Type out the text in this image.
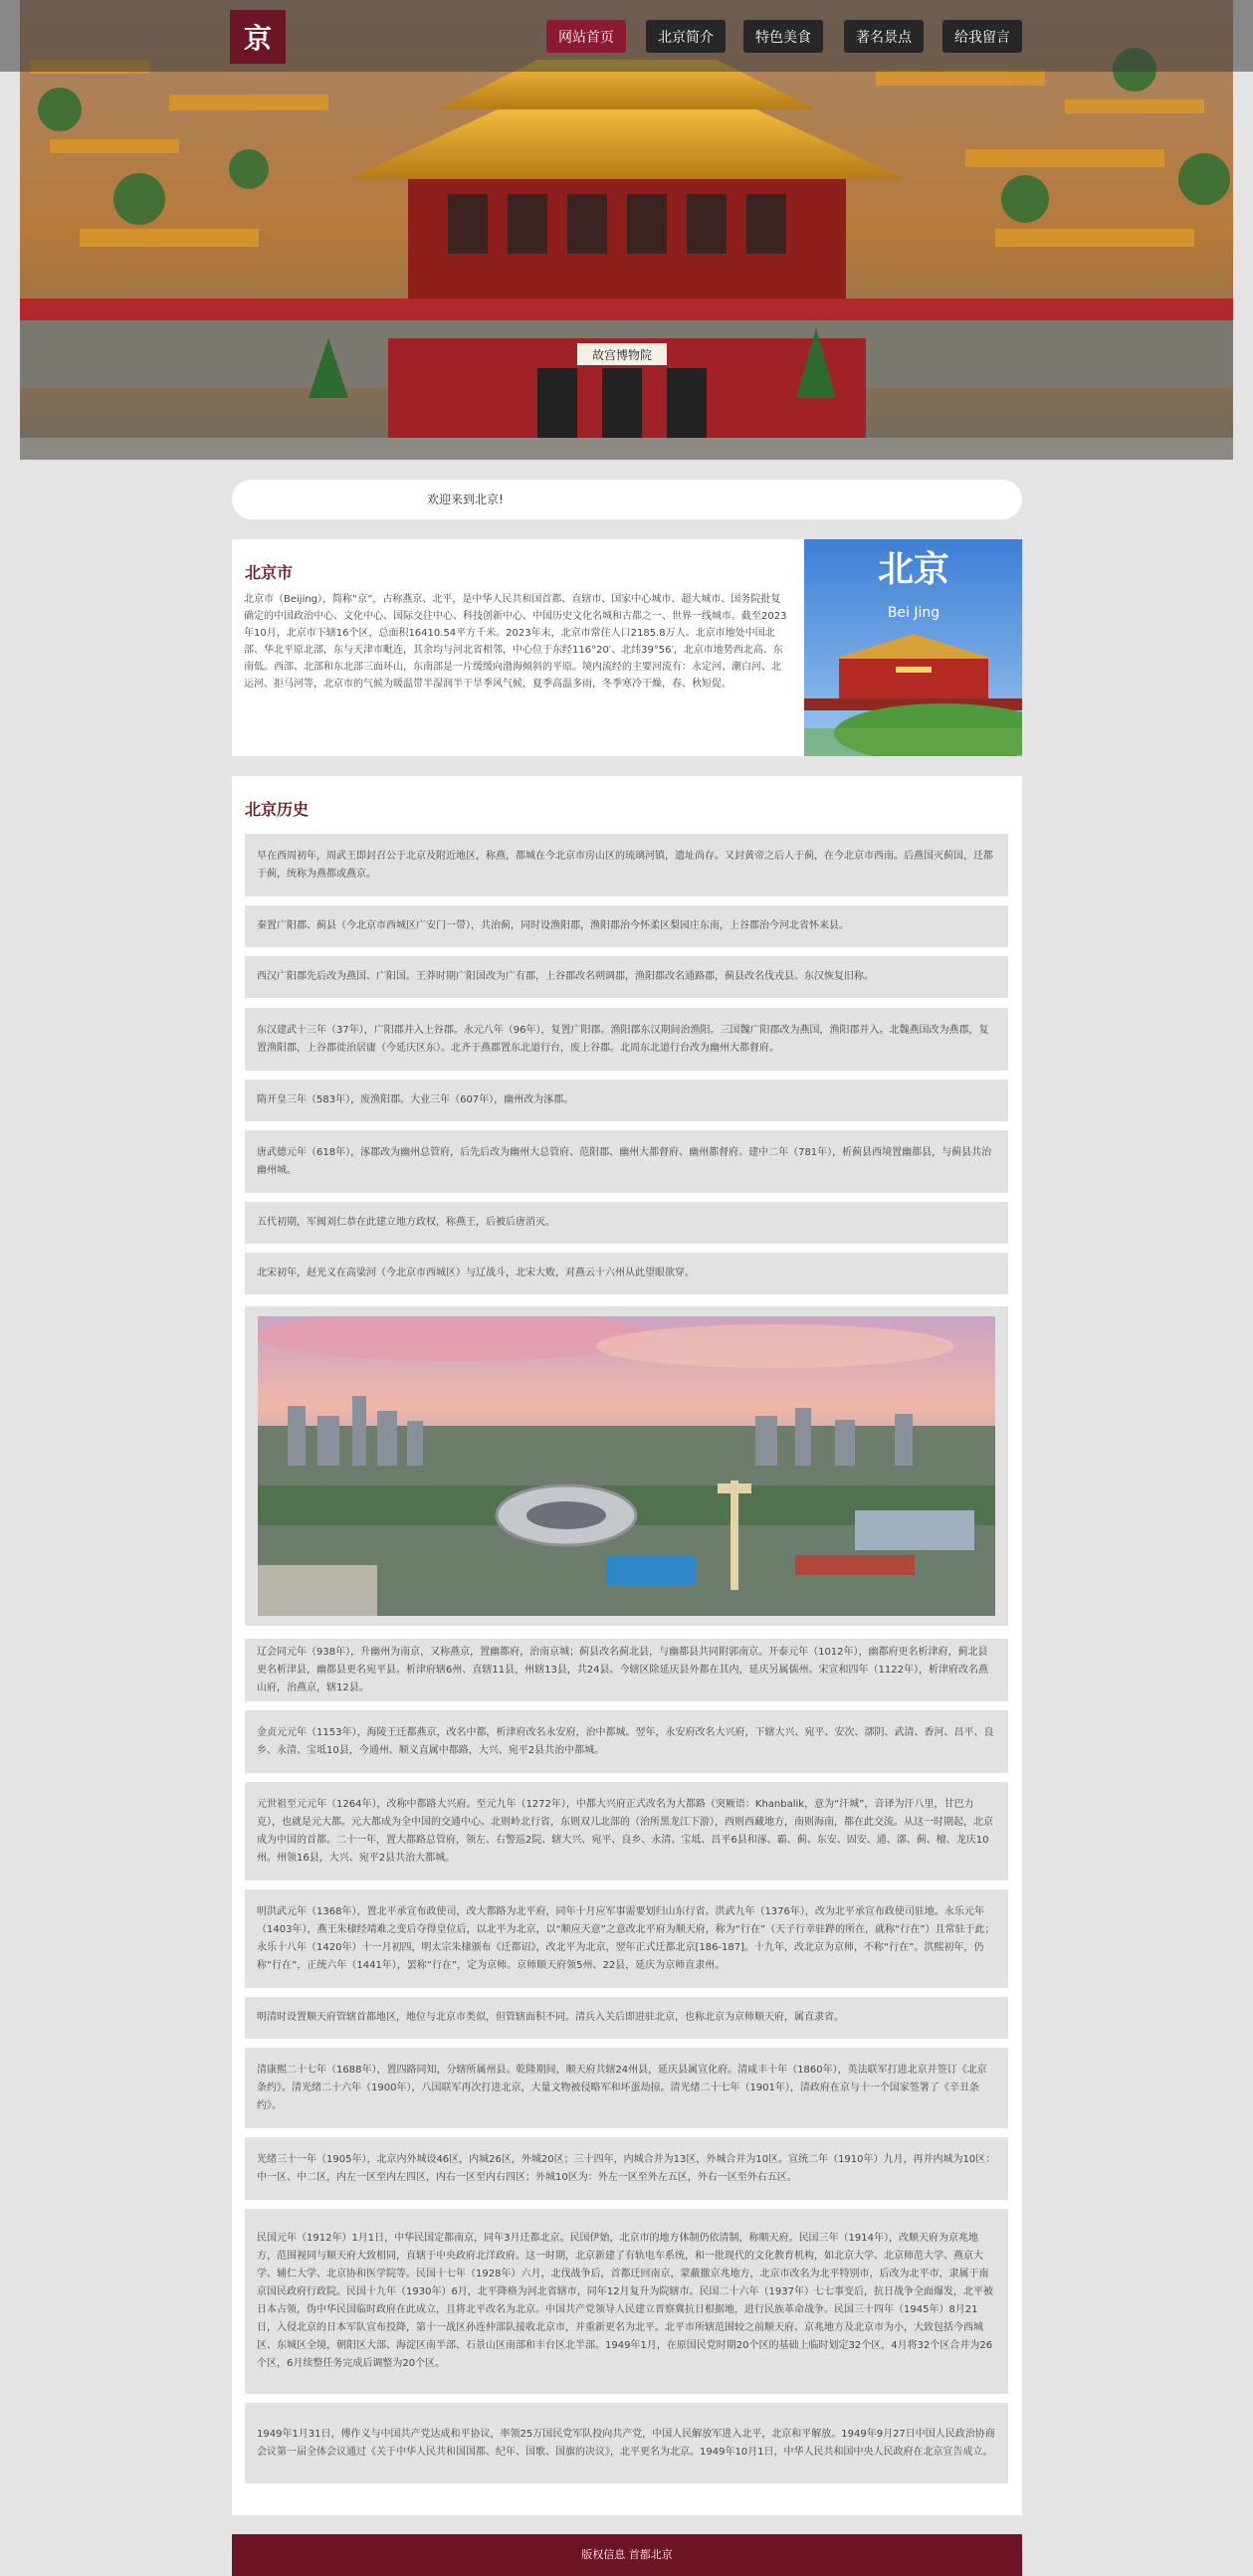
故宫博物院
京	网站首页	北京简介	特色美食	著名景点	给我留言
欢迎来到北京!
北京市
北京市（Beijing），简称“京”，古称燕京、北平，是中华人民共和国首都、直辖市、国家中心城市、超大城市、国务院批复确定的中国政治中心、文化中心、国际交往中心、科技创新中心、中国历史文化名城和古都之一、世界一线城市。截至2023年10月，北京市下辖16个区，总面积16410.54平方千米。2023年末，北京市常住人口2185.8万人。北京市地处中国北部、华北平原北部，东与天津市毗连，其余均与河北省相邻，中心位于东经116°20′、北纬39°56′，北京市地势西北高、东南低。西部、北部和东北部三面环山，东南部是一片缓缓向渤海倾斜的平原。境内流经的主要河流有：永定河、潮白河、北运河、拒马河等，北京市的气候为暖温带半湿润半干旱季风气候，夏季高温多雨，冬季寒冷干燥，春、秋短促。
北京
Bei Jing
北京历史
早在西周初年，周武王即封召公于北京及附近地区，称燕，都城在今北京市房山区的琉璃河镇，遗址尚存。又封黄帝之后人于蓟，在今北京市西南。后燕国灭蓟国，迁都于蓟，统称为燕都或燕京。
秦置广阳郡、蓟县（今北京市西城区广安门一带），共治蓟，同时设渔阳郡，渔阳郡治今怀柔区梨园庄东南，上谷郡治今河北省怀来县。
西汉广阳郡先后改为燕国、广阳国。王莽时期广阳国改为广有郡，上谷郡改名朔调郡，渔阳郡改名通路郡，蓟县改名伐戎县。东汉恢复旧称。
东汉建武十三年（37年），广阳郡并入上谷郡。永元八年（96年），复置广阳郡。渔阳郡东汉期间治渔阳。三国魏广阳郡改为燕国，渔阳郡并入。北魏燕国改为燕郡，复置渔阳郡，上谷郡徙治居庸（今延庆区东）。北齐于燕郡置东北道行台，废上谷郡。北周东北道行台改为幽州大都督府。
隋开皇三年（583年），废渔阳郡。大业三年（607年），幽州改为涿郡。
唐武德元年（618年），涿郡改为幽州总管府，后先后改为幽州大总管府、范阳郡、幽州大都督府、幽州都督府。建中二年（781年），析蓟县西境置幽都县，与蓟县共治幽州城。
五代初期，军阀刘仁恭在此建立地方政权，称燕王，后被后唐消灭。
北宋初年，赵光义在高梁河（今北京市西城区）与辽战斗，北宋大败，对燕云十六州从此望眼欲穿。
辽会同元年（938年），升幽州为南京，又称燕京，置幽都府，治南京城；蓟县改名蓟北县，与幽都县共同附郭南京。开泰元年（1012年），幽都府更名析津府，蓟北县更名析津县，幽都县更名宛平县。析津府辖6州、直辖11县，州辖13县，共24县。今辖区除延庆县外都在其内，延庆另属儒州。宋宣和四年（1122年），析津府改名燕山府，治燕京，辖12县。
金贞元元年（1153年），海陵王迁都燕京，改名中都，析津府改名永安府，治中都城。翌年，永安府改名大兴府，下辖大兴、宛平、安次、漷阴、武清、香河、昌平、良乡、永清、宝坻10县，今通州、顺义直属中都路，大兴、宛平2县共治中都城。
元世祖至元元年（1264年），改称中都路大兴府。至元九年（1272年），中都大兴府正式改名为大都路（突厥语：Khanbalik，意为“汗城”，音译为汗八里，甘巴力克），也就是元大都。元大都成为全中国的交通中心。北则岭北行省，东则双儿北部的（治所黑龙江下游），西则西藏地方，南则海南，都在此交流。从这一时期起，北京成为中国的首都。二十一年，置大都路总管府，领左、右警巡2院、辖大兴、宛平、良乡、永清、宝坻、昌平6县和涿、霸、蓟、东安、固安、通、漷、蓟、檀、龙庆10州。州领16县，大兴、宛平2县共治大都城。
明洪武元年（1368年），置北平承宣布政使司，改大都路为北平府，同年十月应军事需要划归山东行省。洪武九年（1376年），改为北平承宣布政使司驻地。永乐元年（1403年），燕王朱棣经靖难之变后夺得皇位后，以北平为北京，以“顺应天意”之意改北平府为顺天府，称为“行在”（天子行幸驻跸的所在，就称“行在”）且常驻于此；永乐十八年（1420年）十一月初四，明太宗朱棣颁布《迁都诏》，改北平为北京，翌年正式迁都北京[186-187]。十九年，改北京为京师，不称“行在”。洪熙初年，仍称“行在”，正统六年（1441年），罢称“行在”，定为京师。京师顺天府领5州、22县，延庆为京师直隶州。
明清时设置顺天府管辖首都地区，地位与北京市类似，但管辖面积不同。清兵入关后即进驻北京，也称北京为京师顺天府，属直隶省。
清康熙二十七年（1688年），置四路同知，分辖所属州县。乾隆期间，顺天府共辖24州县，延庆县属宣化府。清咸丰十年（1860年），英法联军打进北京并签订《北京条约》。清光绪二十六年（1900年），八国联军再次打进北京，大量文物被侵略军和坏蛋劫掠。清光绪二十七年（1901年），清政府在京与十一个国家签署了《辛丑条约》。
光绪三十一年（1905年），北京内外城设46区，内城26区，外城20区；三十四年，内城合并为13区，外城合并为10区。宣统二年（1910年）九月，再并内城为10区：中一区、中二区，内左一区至内左四区，内右一区至内右四区；外城10区为：外左一区至外左五区，外右一区至外右五区。
民国元年（1912年）1月1日，中华民国定都南京，同年3月迁都北京。民国伊始，北京市的地方体制仍依清制，称顺天府。民国三年（1914年），改顺天府为京兆地方，范围视同与顺天府大致相同，直辖于中央政府北洋政府。这一时期，北京新建了有轨电车系统，和一批现代的文化教育机构，如北京大学、北京师范大学、燕京大学、辅仁大学、北京协和医学院等。民国十七年（1928年）六月，北伐战争后，首都迁回南京，蒙蔽撤京兆地方，北京市改名为北平特别市，后改为北平市，隶属于南京国民政府行政院。民国十九年（1930年）6月，北平降格为河北省辖市，同年12月复升为院辖市。民国二十六年（1937年）七七事变后，抗日战争全面爆发，北平被日本占领，伪中华民国临时政府在此成立，且将北平改名为北京。中国共产党领导人民建立晋察冀抗日根据地，进行民族革命战争。民国三十四年（1945年）8月21日，入侵北京的日本军队宣布投降，第十一战区孙连仲部队接收北京市，并重新更名为北平。北平市所辖范围较之前顺天府、京兆地方及北京市为小，大致包括今西城区、东城区全境，朝阳区大部、海淀区南半部、石景山区南部和丰台区北半部。1949年1月，在原国民党时期20个区的基础上临时划定32个区，4月将32个区合并为26个区，6月续整任务完成后调整为20个区。
1949年1月31日，傅作义与中国共产党达成和平协议，率领25万国民党军队投向共产党，中国人民解放军进入北平，北京和平解放。1949年9月27日中国人民政治协商会议第一届全体会议通过《关于中华人民共和国国都、纪年、国歌、国旗的决议》，北平更名为北京。1949年10月1日，中华人民共和国中央人民政府在北京宣告成立。
版权信息 首都北京
